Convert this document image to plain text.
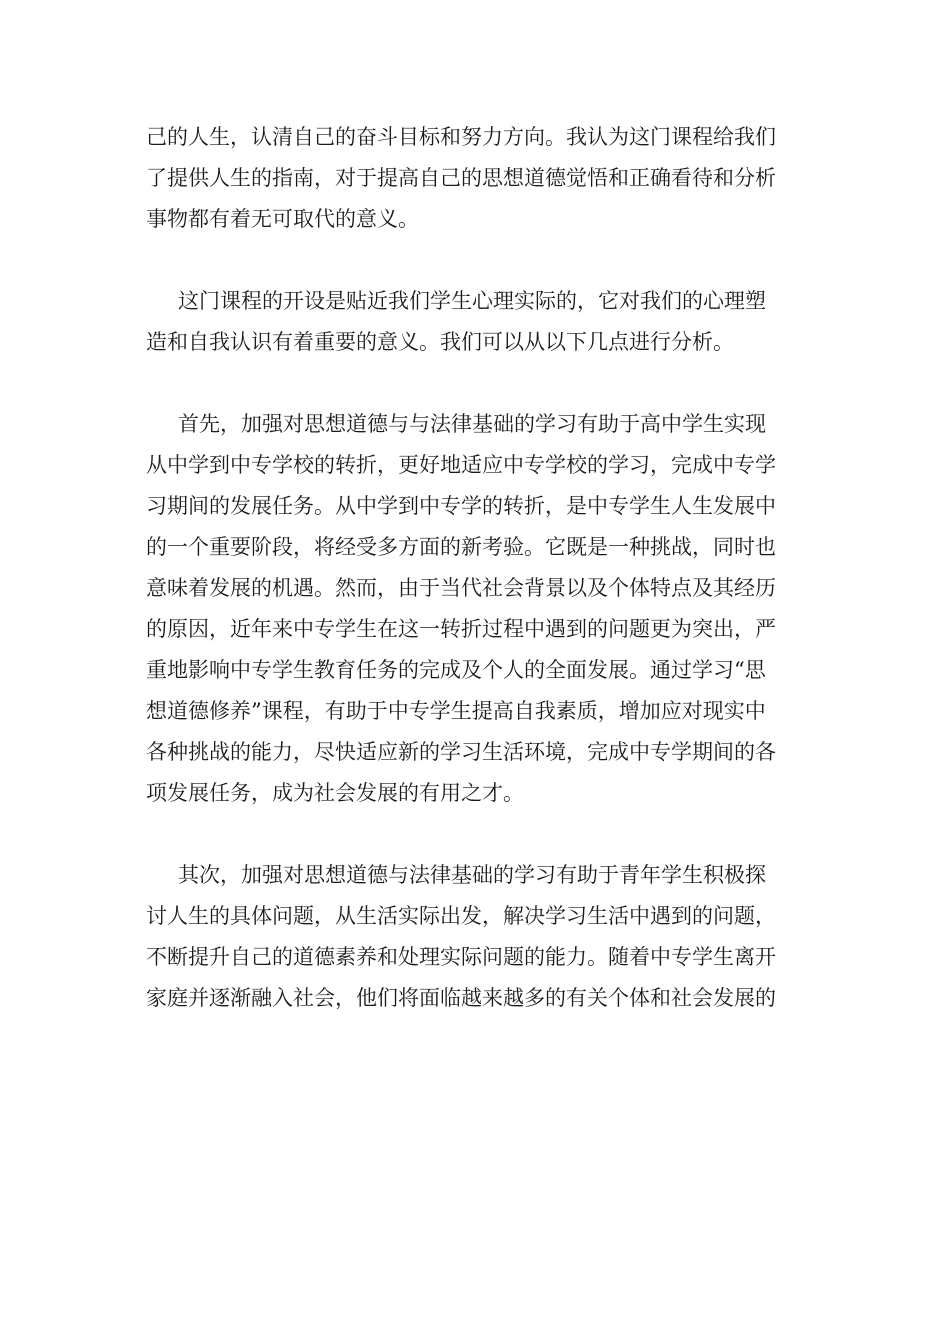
己的人生，认清自己的奋斗目标和努力方向。我认为这门课程给我们
了提供人生的指南，对于提高自己的思想道德觉悟和正确看待和分析
事物都有着无可取代的意义。

这门课程的开设是贴近我们学生心理实际的，它对我们的心理塑
造和自我认识有着重要的意义。我们可以从以下几点进行分析。

首先，加强对思想道德与与法律基础的学习有助于高中学生实现
从中学到中专学校的转折，更好地适应中专学校的学习，完成中专学
习期间的发展任务。从中学到中专学的转折，是中专学生人生发展中
的一个重要阶段，将经受多方面的新考验。它既是一种挑战，同时也
意味着发展的机遇。然而，由于当代社会背景以及个体特点及其经历
的原因，近年来中专学生在这一转折过程中遇到的问题更为突出，严
重地影响中专学生教育任务的完成及个人的全面发展。通过学习“思
想道德修养”课程，有助于中专学生提高自我素质，增加应对现实中
各种挑战的能力，尽快适应新的学习生活环境，完成中专学期间的各
项发展任务，成为社会发展的有用之才。

其次，加强对思想道德与法律基础的学习有助于青年学生积极探
讨人生的具体问题，从生活实际出发，解决学习生活中遇到的问题，
不断提升自己的道德素养和处理实际问题的能力。随着中专学生离开
家庭并逐渐融入社会，他们将面临越来越多的有关个体和社会发展的
